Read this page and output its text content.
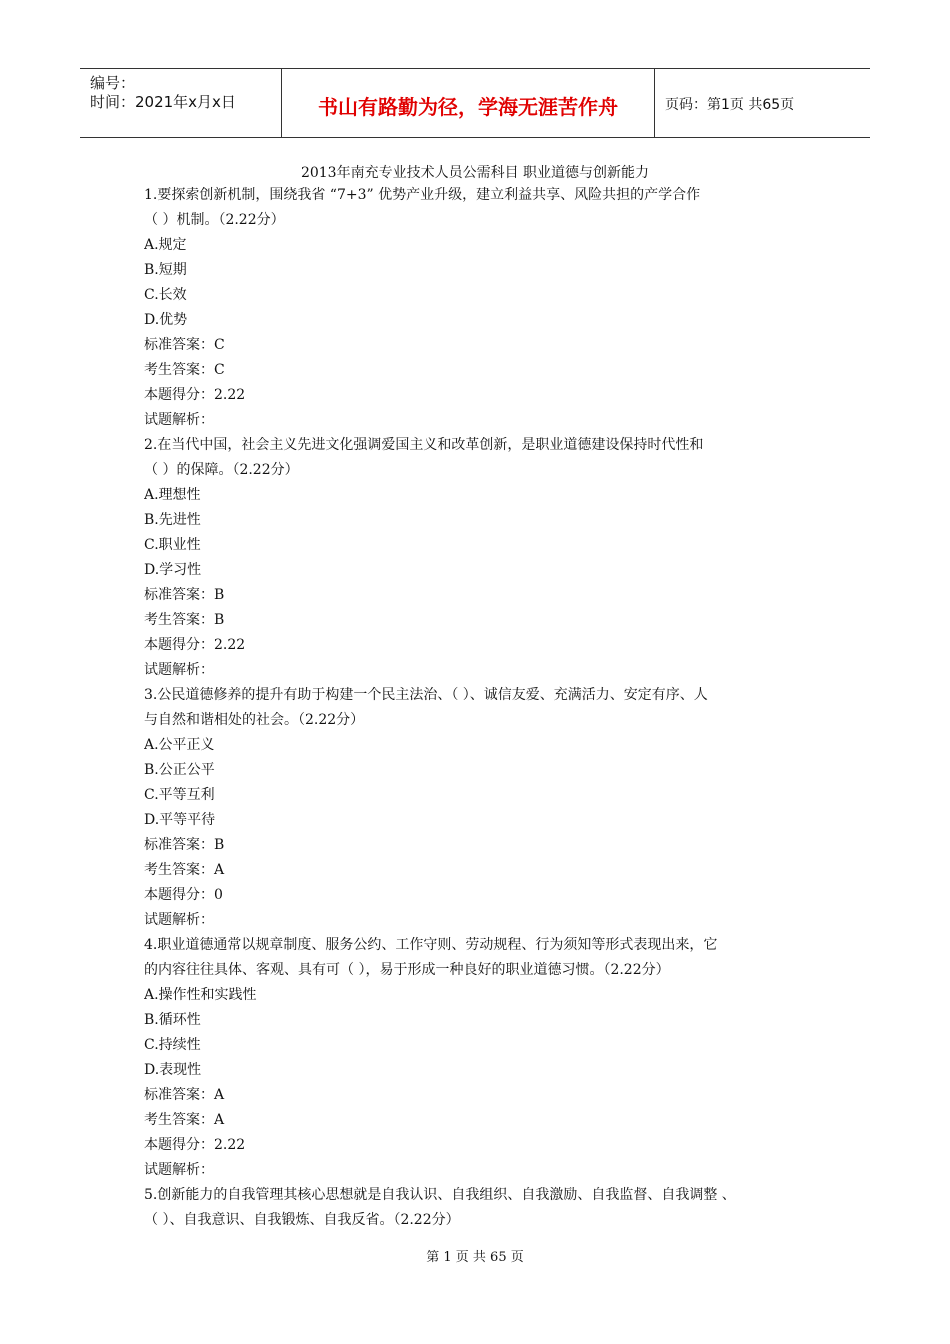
编号：
时间：2021年x月x日	书山有路勤为径，学海无涯苦作舟	页码：第1页 共65页
2013年南充专业技术人员公需科目 职业道德与创新能力
1.要探索创新机制，围绕我省 “7+3” 优势产业升级，建立利益共享、风险共担的产学合作
（ ）机制。（2.22分）
A.规定
B.短期
C.长效
D.优势
标准答案：C
考生答案：C
本题得分：2.22
试题解析：
2.在当代中国，社会主义先进文化强调爱国主义和改革创新，是职业道德建设保持时代性和
（ ）的保障。（2.22分）
A.理想性
B.先进性
C.职业性
D.学习性
标准答案：B
考生答案：B
本题得分：2.22
试题解析：
3.公民道德修养的提升有助于构建一个民主法治、（ ）、诚信友爱、充满活力、安定有序、人
与自然和谐相处的社会。（2.22分）
A.公平正义
B.公正公平
C.平等互利
D.平等平待
标准答案：B
考生答案：A
本题得分：0
试题解析：
4.职业道德通常以规章制度、服务公约、工作守则、劳动规程、行为须知等形式表现出来，它
的内容往往具体、客观、具有可（ ），易于形成一种良好的职业道德习惯。（2.22分）
A.操作性和实践性
B.循环性
C.持续性
D.表现性
标准答案：A
考生答案：A
本题得分：2.22
试题解析：
5.创新能力的自我管理其核心思想就是自我认识、自我组织、自我激励、自我监督、自我调整 、
（ ）、自我意识、自我锻炼、自我反省。（2.22分）
第 1 页 共 65 页
